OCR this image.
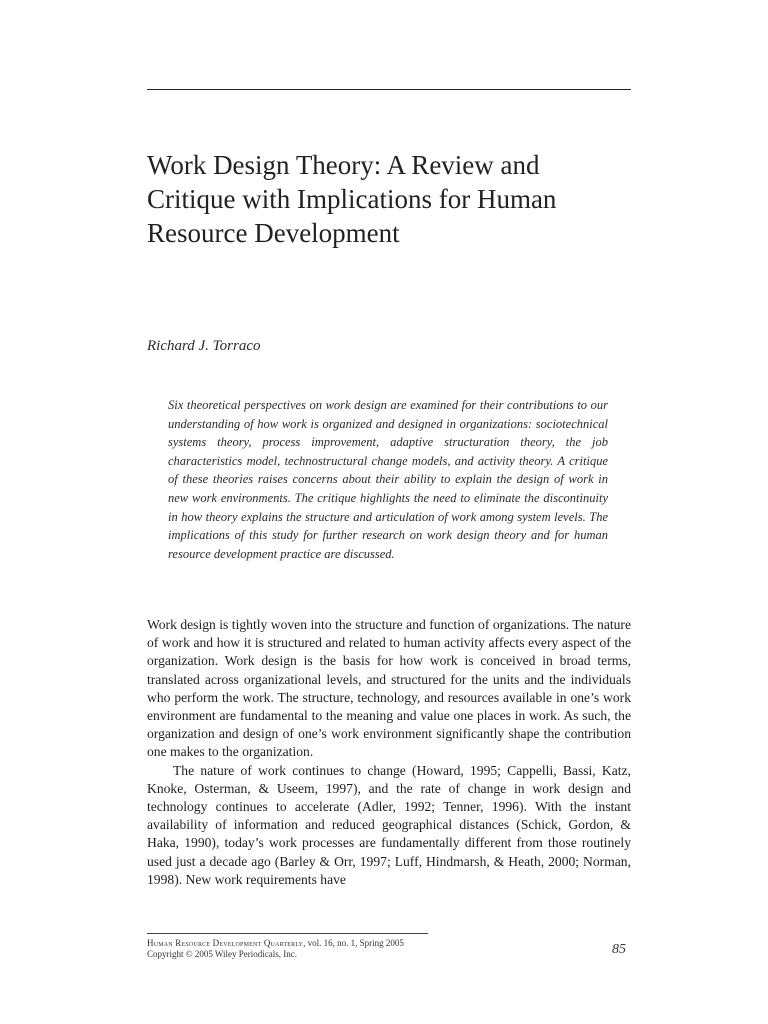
Work Design Theory: A Review and Critique with Implications for Human Resource Development
Richard J. Torraco

Six theoretical perspectives on work design are examined for their contributions to our understanding of how work is organized and designed in organizations: sociotechnical systems theory, process improvement, adaptive structuration theory, the job characteristics model, technostructural change models, and activity theory. A critique of these theories raises concerns about their ability to explain the design of work in new work environments. The critique highlights the need to eliminate the discontinuity in how theory explains the structure and articulation of work among system levels. The implications of this study for further research on work design theory and for human resource development practice are discussed.

Work design is tightly woven into the structure and function of organizations. The nature of work and how it is structured and related to human activity affects every aspect of the organization. Work design is the basis for how work is conceived in broad terms, translated across organizational levels, and structured for the units and the individuals who perform the work. The structure, technology, and resources available in one’s work environment are fundamental to the meaning and value one places in work. As such, the organization and design of one’s work environment significantly shape the contribution one makes to the organization.

The nature of work continues to change (Howard, 1995; Cappelli, Bassi, Katz, Knoke, Osterman, & Useem, 1997), and the rate of change in work design and technology continues to accelerate (Adler, 1992; Tenner, 1996). With the instant availability of information and reduced geographical distances (Schick, Gordon, & Haka, 1990), today’s work processes are fundamentally different from those routinely used just a decade ago (Barley & Orr, 1997; Luff, Hindmarsh, & Heath, 2000; Norman, 1998). New work requirements have

Human Resource Development Quarterly, vol. 16, no. 1, Spring 2005
Copyright © 2005 Wiley Periodicals, Inc.	85
